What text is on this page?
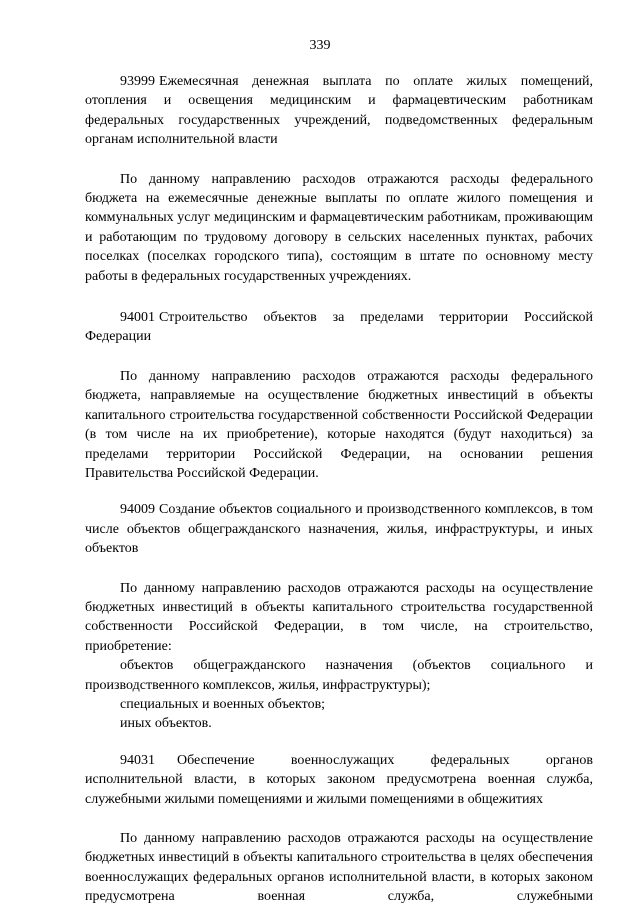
339

93999 Ежемесячная денежная выплата по оплате жилых помещений, отопления и освещения медицинским и фармацевтическим работникам федеральных государственных учреждений, подведомственных федеральным органам исполнительной власти

По данному направлению расходов отражаются расходы федерального бюджета на ежемесячные денежные выплаты по оплате жилого помещения и коммунальных услуг медицинским и фармацевтическим работникам, проживающим и работающим по трудовому договору в сельских населенных пунктах, рабочих поселках (поселках городского типа), состоящим в штате по основному месту работы в федеральных государственных учреждениях.

94001 Строительство объектов за пределами территории Российской Федерации

По данному направлению расходов отражаются расходы федерального бюджета, направляемые на осуществление бюджетных инвестиций в объекты капитального строительства государственной собственности Российской Федерации (в том числе на их приобретение), которые находятся (будут находиться) за пределами территории Российской Федерации, на основании решения Правительства Российской Федерации.

94009 Создание объектов социального и производственного комплексов, в том числе объектов общегражданского назначения, жилья, инфраструктуры, и иных объектов

По данному направлению расходов отражаются расходы на осуществление бюджетных инвестиций в объекты капитального строительства государственной собственности Российской Федерации, в том числе, на строительство, приобретение:

объектов общегражданского назначения (объектов социального и производственного комплексов, жилья, инфраструктуры);

специальных и военных объектов;

иных объектов.

94031 Обеспечение военнослужащих федеральных органов исполнительной власти, в которых законом предусмотрена военная служба, служебными жилыми помещениями и жилыми помещениями в общежитиях

По данному направлению расходов отражаются расходы на осуществление бюджетных инвестиций в объекты капитального строительства в целях обеспечения военнослужащих федеральных органов исполнительной власти, в которых законом предусмотрена военная служба, служебными
